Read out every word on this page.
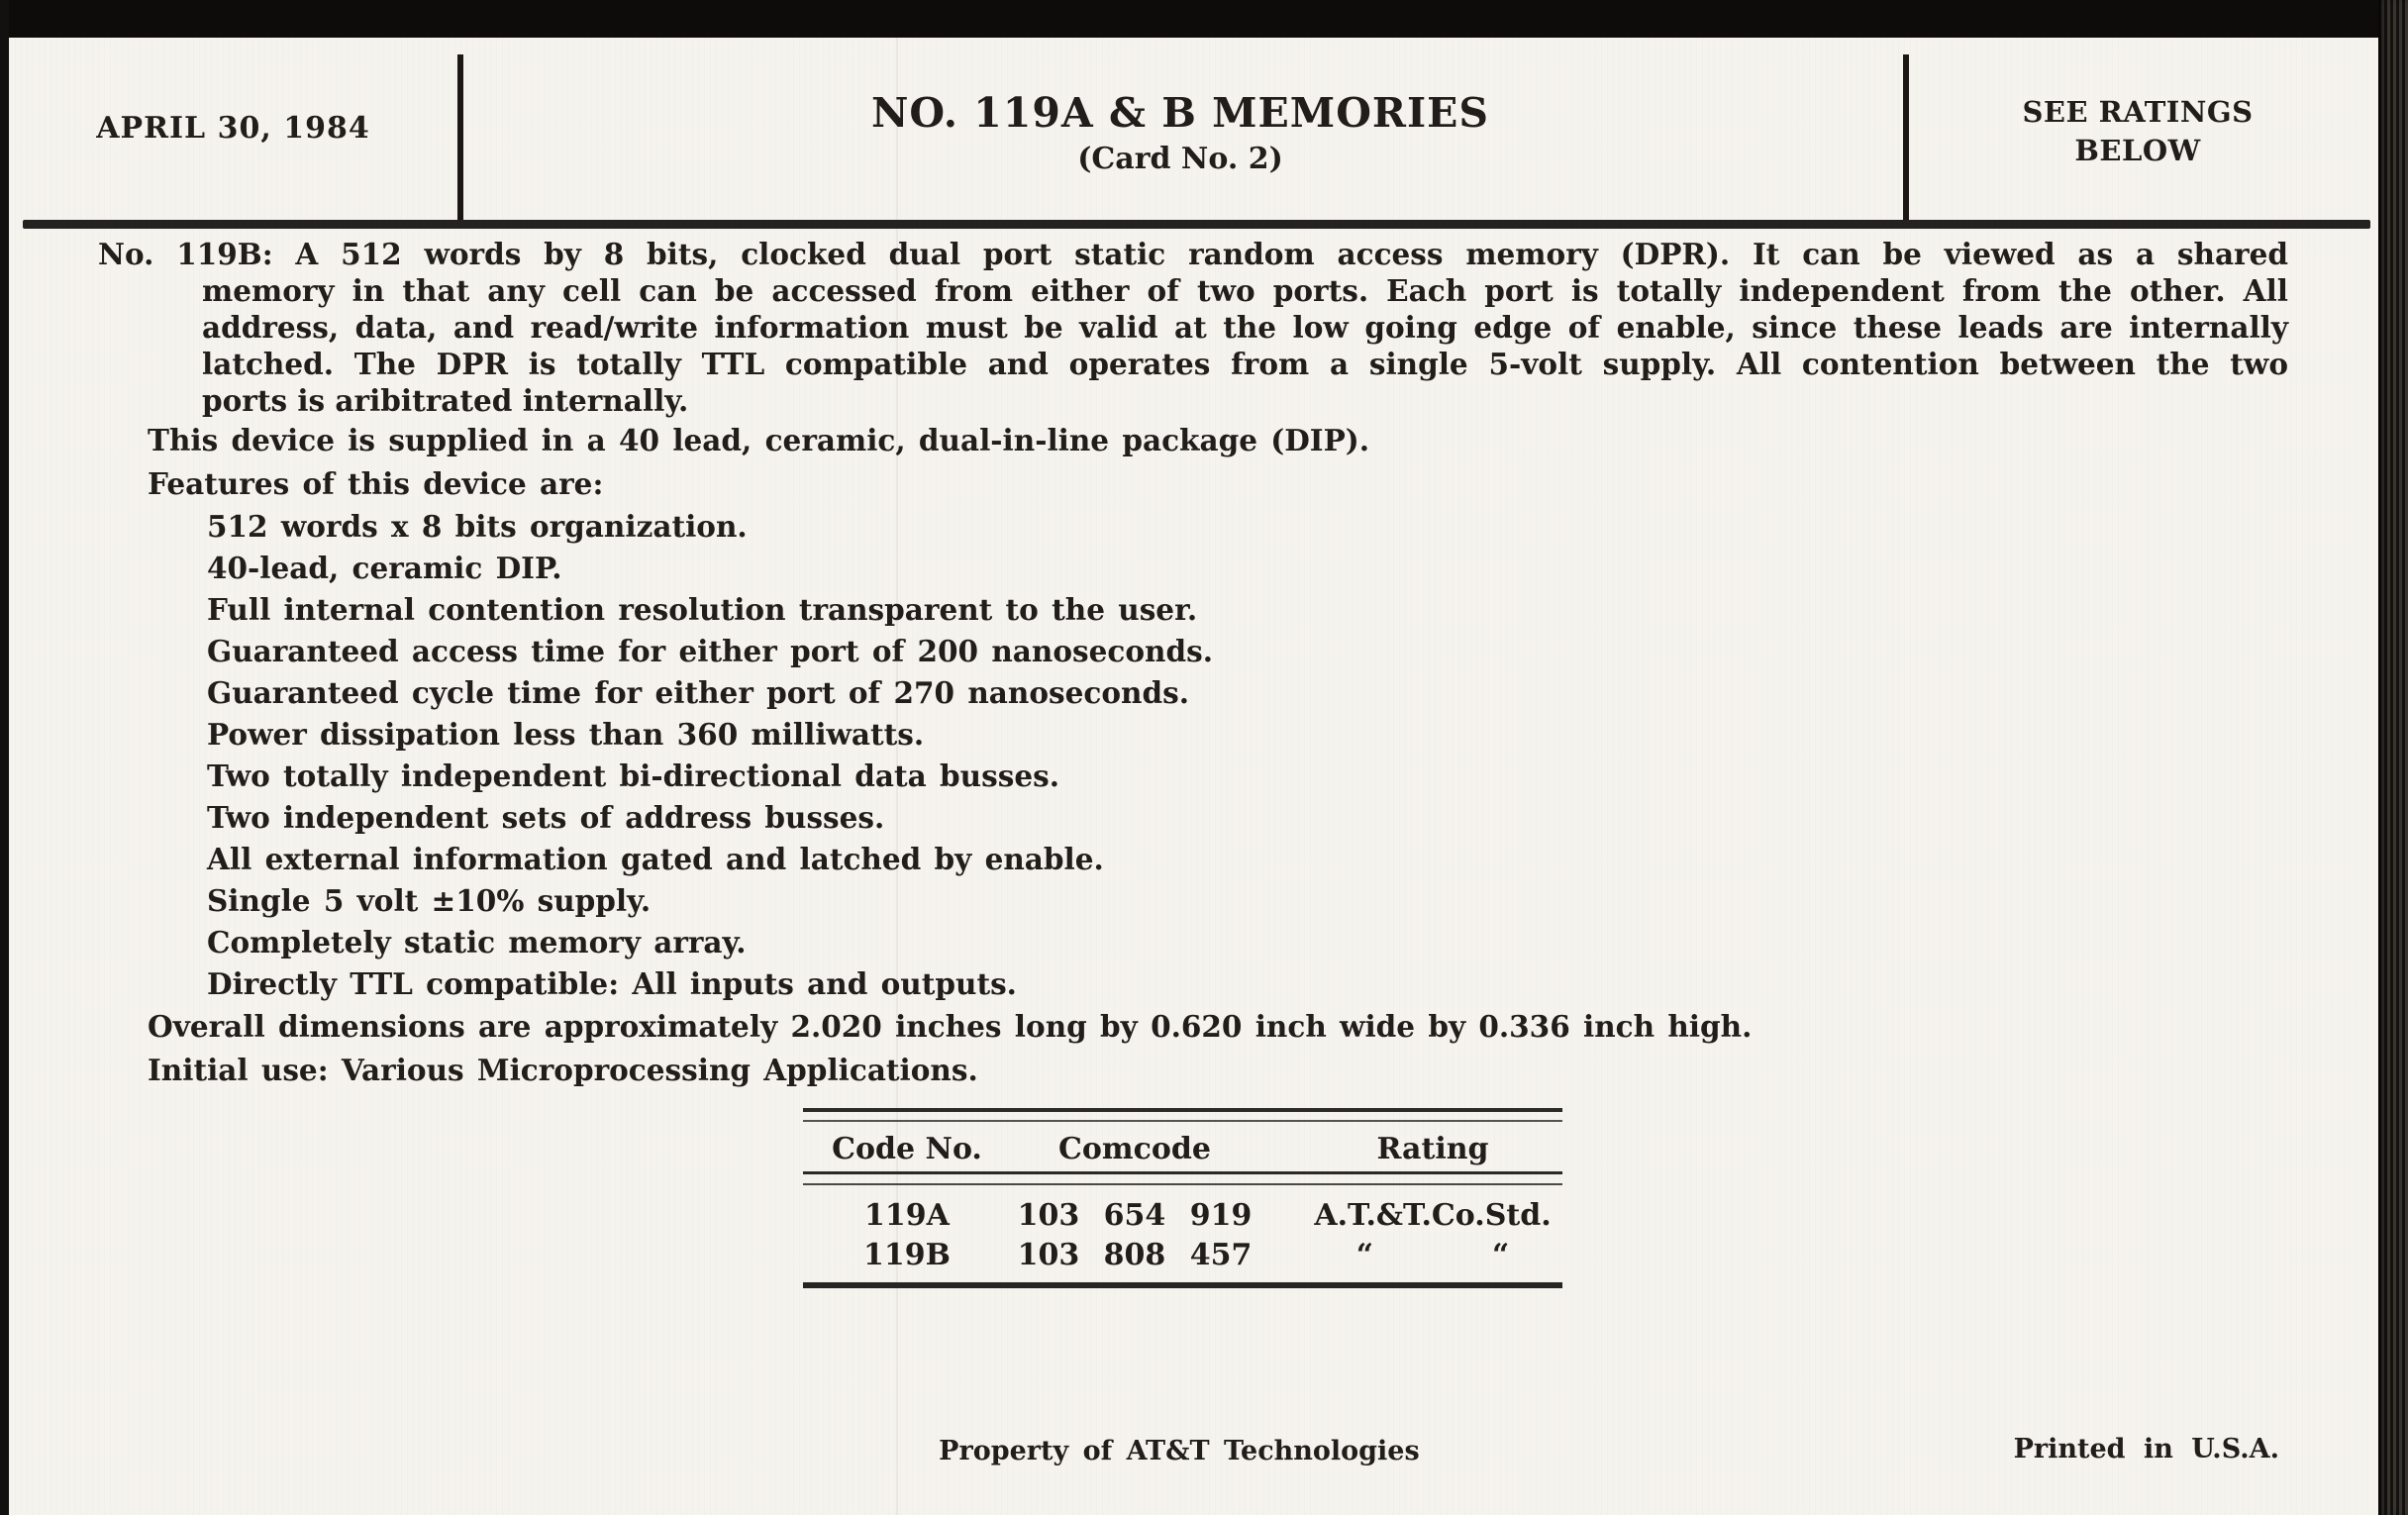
APRIL 30, 1984	NO. 119A & B MEMORIES
(Card No. 2)
SEE RATINGS
BELOW
No. 119B: A 512 words by 8 bits, clocked dual port static random access memory (DPR). It can be viewed as a shared
memory in that any cell can be accessed from either of two ports. Each port is totally independent from the other. All
address, data, and read/write information must be valid at the low going edge of enable, since these leads are internally
latched. The DPR is totally TTL compatible and operates from a single 5-volt supply. All contention between the two
ports is aribitrated internally.
This device is supplied in a 40 lead, ceramic, dual-in-line package (DIP).
Features of this device are:
512 words x 8 bits organization.
40-lead, ceramic DIP.
Full internal contention resolution transparent to the user.
Guaranteed access time for either port of 200 nanoseconds.
Guaranteed cycle time for either port of 270 nanoseconds.
Power dissipation less than 360 milliwatts.
Two totally independent bi-directional data busses.
Two independent sets of address busses.
All external information gated and latched by enable.
Single 5 volt ±10% supply.
Completely static memory array.
Directly TTL compatible: All inputs and outputs.
Overall dimensions are approximately 2.020 inches long by 0.620 inch wide by 0.336 inch high.
Initial use: Various Microprocessing Applications.
Code No.	Comcode	Rating
119A	103 654 919	A.T.&T.Co.Std.
119B	103 808 457	“	“
Property of AT&T Technologies	Printed in U.S.A.
